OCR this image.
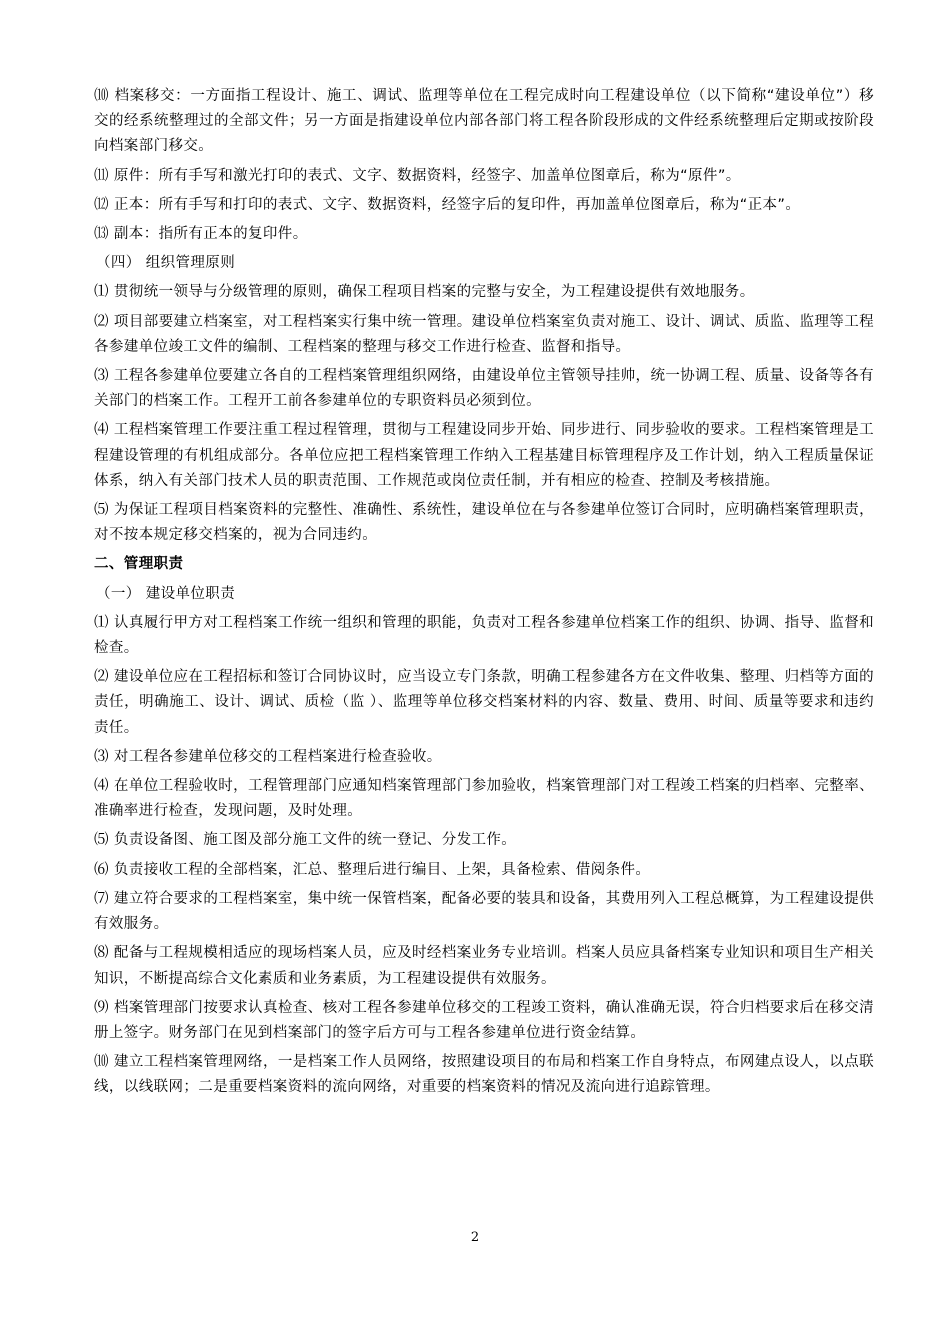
⑽ 档案移交：一方面指工程设计、施工、调试、监理等单位在工程完成时向工程建设单位（以下简称“建设单位”）移交的经系统整理过的全部文件；另一方面是指建设单位内部各部门将工程各阶段形成的文件经系统整理后定期或按阶段向档案部门移交。

⑾ 原件：所有手写和激光打印的表式、文字、数据资料，经签字、加盖单位图章后，称为“原件”。

⑿ 正本：所有手写和打印的表式、文字、数据资料，经签字后的复印件，再加盖单位图章后，称为“正本”。

⒀ 副本：指所有正本的复印件。

（四） 组织管理原则

⑴ 贯彻统一领导与分级管理的原则，确保工程项目档案的完整与安全，为工程建设提供有效地服务。

⑵ 项目部要建立档案室，对工程档案实行集中统一管理。建设单位档案室负责对施工、设计、调试、质监、监理等工程各参建单位竣工文件的编制、工程档案的整理与移交工作进行检查、监督和指导。

⑶ 工程各参建单位要建立各自的工程档案管理组织网络，由建设单位主管领导挂帅，统一协调工程、质量、设备等各有关部门的档案工作。工程开工前各参建单位的专职资料员必须到位。

⑷ 工程档案管理工作要注重工程过程管理，贯彻与工程建设同步开始、同步进行、同步验收的要求。工程档案管理是工程建设管理的有机组成部分。各单位应把工程档案管理工作纳入工程基建目标管理程序及工作计划，纳入工程质量保证体系，纳入有关部门技术人员的职责范围、工作规范或岗位责任制，并有相应的检查、控制及考核措施。

⑸ 为保证工程项目档案资料的完整性、准确性、系统性，建设单位在与各参建单位签订合同时，应明确档案管理职责，对不按本规定移交档案的，视为合同违约。

二、管理职责

（一） 建设单位职责

⑴ 认真履行甲方对工程档案工作统一组织和管理的职能，负责对工程各参建单位档案工作的组织、协调、指导、监督和检查。

⑵ 建设单位应在工程招标和签订合同协议时，应当设立专门条款，明确工程参建各方在文件收集、整理、归档等方面的责任，明确施工、设计、调试、质检（监 ）、监理等单位移交档案材料的内容、数量、费用、时间、质量等要求和违约责任。

⑶ 对工程各参建单位移交的工程档案进行检查验收。

⑷ 在单位工程验收时，工程管理部门应通知档案管理部门参加验收，档案管理部门对工程竣工档案的归档率、完整率、准确率进行检查，发现问题，及时处理。

⑸ 负责设备图、施工图及部分施工文件的统一登记、分发工作。

⑹ 负责接收工程的全部档案，汇总、整理后进行编目、上架，具备检索、借阅条件。

⑺ 建立符合要求的工程档案室，集中统一保管档案，配备必要的装具和设备，其费用列入工程总概算，为工程建设提供有效服务。

⑻ 配备与工程规模相适应的现场档案人员，应及时经档案业务专业培训。档案人员应具备档案专业知识和项目生产相关知识，不断提高综合文化素质和业务素质，为工程建设提供有效服务。

⑼ 档案管理部门按要求认真检查、核对工程各参建单位移交的工程竣工资料，确认准确无误，符合归档要求后在移交清册上签字。财务部门在见到档案部门的签字后方可与工程各参建单位进行资金结算。

⑽ 建立工程档案管理网络，一是档案工作人员网络，按照建设项目的布局和档案工作自身特点，布网建点设人，以点联线，以线联网；二是重要档案资料的流向网络，对重要的档案资料的情况及流向进行追踪管理。

2
